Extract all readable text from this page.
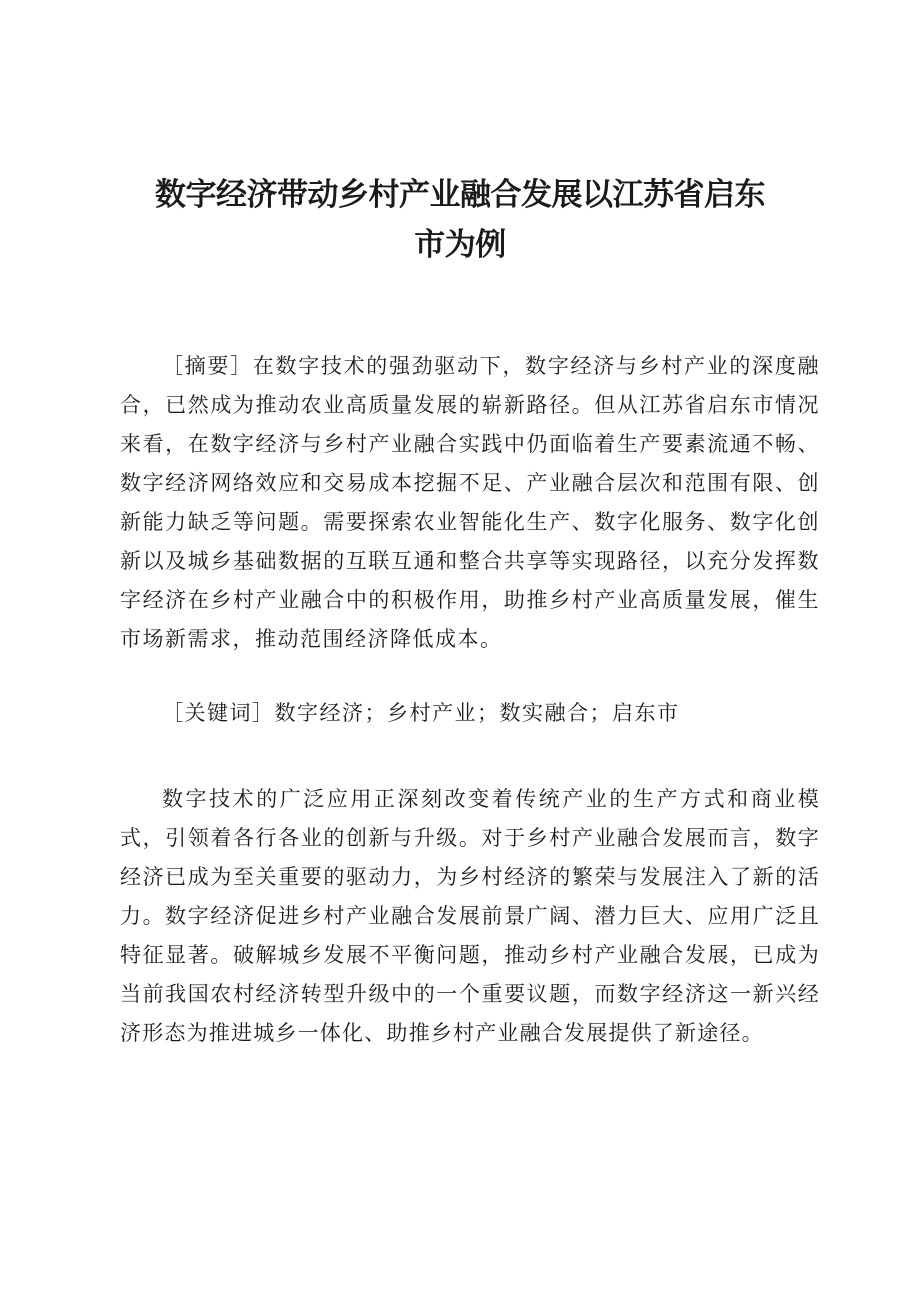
数字经济带动乡村产业融合发展以江苏省启东
市为例

［摘要］在数字技术的强劲驱动下，数字经济与乡村产业的深度融合，已然成为推动农业高质量发展的崭新路径。但从江苏省启东市情况来看，在数字经济与乡村产业融合实践中仍面临着生产要素流通不畅、数字经济网络效应和交易成本挖掘不足、产业融合层次和范围有限、创新能力缺乏等问题。需要探索农业智能化生产、数字化服务、数字化创新以及城乡基础数据的互联互通和整合共享等实现路径，以充分发挥数字经济在乡村产业融合中的积极作用，助推乡村产业高质量发展，催生市场新需求，推动范围经济降低成本。

［关键词］数字经济；乡村产业；数实融合；启东市

数字技术的广泛应用正深刻改变着传统产业的生产方式和商业模式，引领着各行各业的创新与升级。对于乡村产业融合发展而言，数字经济已成为至关重要的驱动力，为乡村经济的繁荣与发展注入了新的活力。数字经济促进乡村产业融合发展前景广阔、潜力巨大、应用广泛且特征显著。破解城乡发展不平衡问题，推动乡村产业融合发展，已成为当前我国农村经济转型升级中的一个重要议题，而数字经济这一新兴经济形态为推进城乡一体化、助推乡村产业融合发展提供了新途径。
